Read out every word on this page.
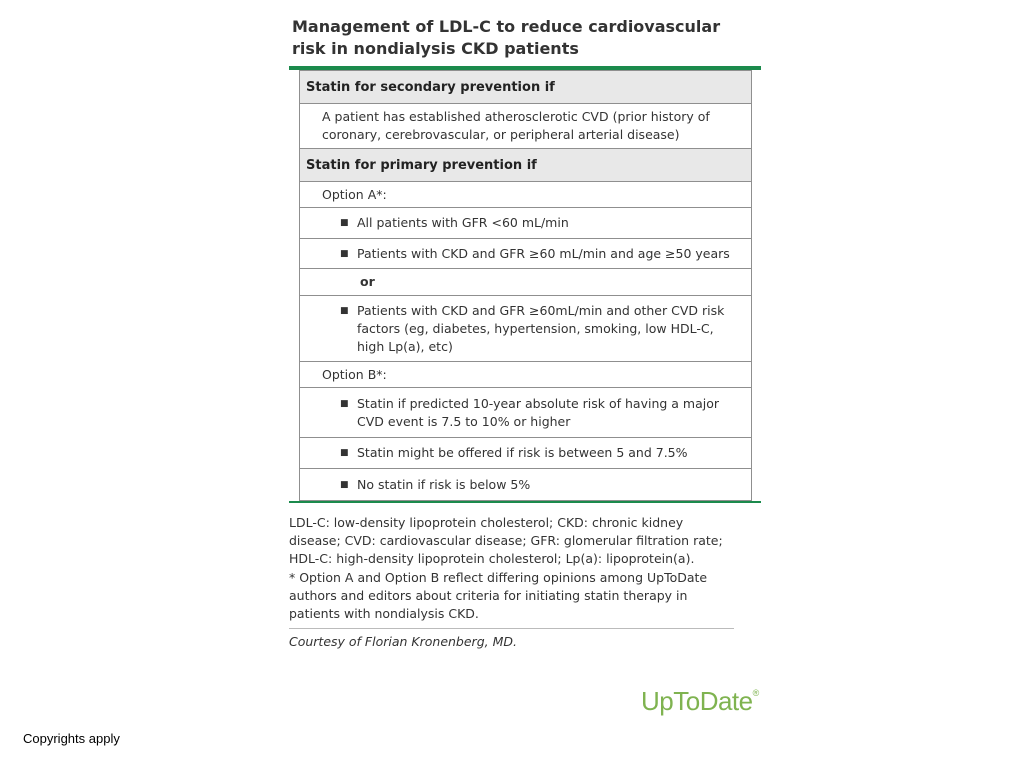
Management of LDL-C to reduce cardiovascular
risk in nondialysis CKD patients
Statin for secondary prevention if

A patient has established atherosclerotic CVD (prior history of
coronary, cerebrovascular, or peripheral arterial disease)

Statin for primary prevention if
Option A*:

■ All patients with GFR <60 mL/min

■ Patients with CKD and GFR ≥60 mL/min and age ≥50 years

or

■ Patients with CKD and GFR ≥60mL/min and other CVD risk
factors (eg, diabetes, hypertension, smoking, low HDL-C,
high Lp(a), etc)

Option B*:

■ Statin if predicted 10-year absolute risk of having a major
CVD event is 7.5 to 10% or higher

■ Statin might be offered if risk is between 5 and 7.5%

■ No statin if risk is below 5%
LDL-C: low-density lipoprotein cholesterol; CKD: chronic kidney
disease; CVD: cardiovascular disease; GFR: glomerular filtration rate;
HDL-C: high-density lipoprotein cholesterol; Lp(a): lipoprotein(a).
* Option A and Option B reflect differing opinions among UpToDate
authors and editors about criteria for initiating statin therapy in
patients with nondialysis CKD.
Courtesy of Florian Kronenberg, MD.
UpToDate®
Copyrights apply
